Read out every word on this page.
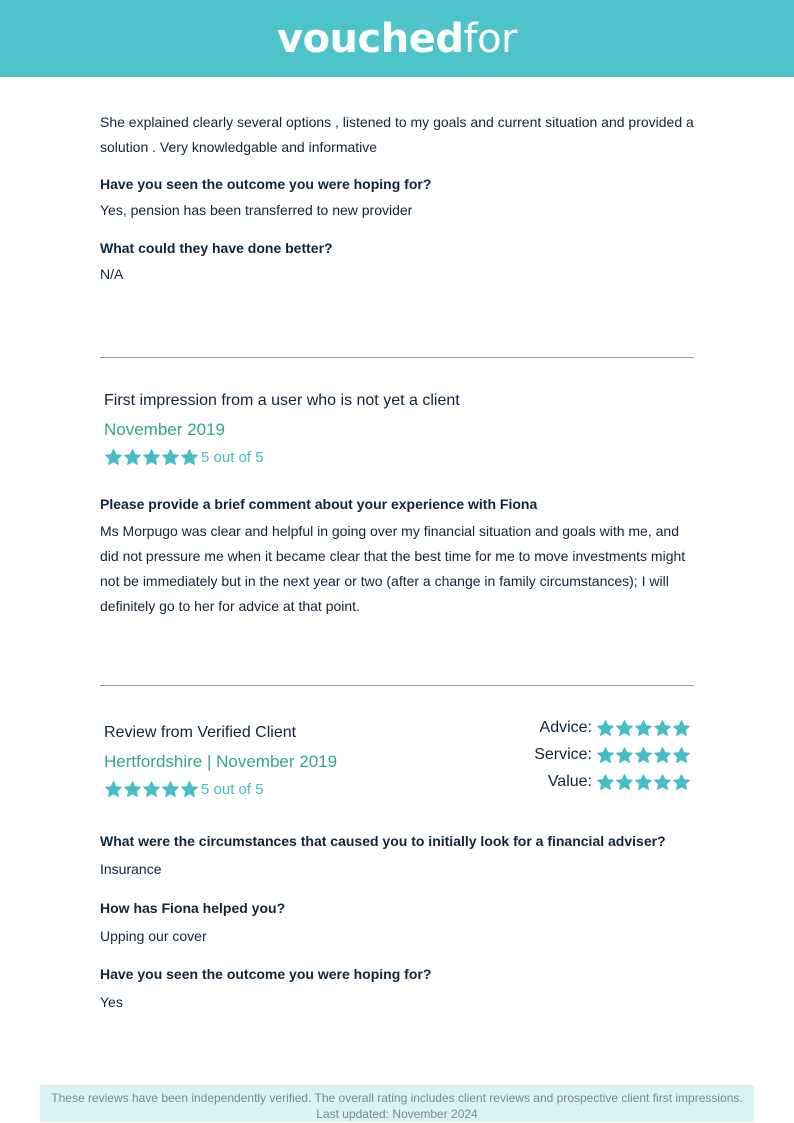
vouchedfor

She explained clearly several options , listened to my goals and current situation and provided a solution . Very knowledgable and informative

Have you seen the outcome you were hoping for?

Yes, pension has been transferred to new provider

What could they have done better?

N/A

First impression from a user who is not yet a client
November 2019
5 out of 5

Please provide a brief comment about your experience with Fiona

Ms Morpugo was clear and helpful in going over my financial situation and goals with me, and did not pressure me when it became clear that the best time for me to move investments might not be immediately but in the next year or two (after a change in family circumstances); I will definitely go to her for advice at that point.

Review from Verified Client
Hertfordshire | November 2019
5 out of 5
Advice:
Service:
Value:

What were the circumstances that caused you to initially look for a financial adviser?

Insurance

How has Fiona helped you?

Upping our cover

Have you seen the outcome you were hoping for?

Yes

These reviews have been independently verified. The overall rating includes client reviews and prospective client first impressions. Last updated: November 2024
